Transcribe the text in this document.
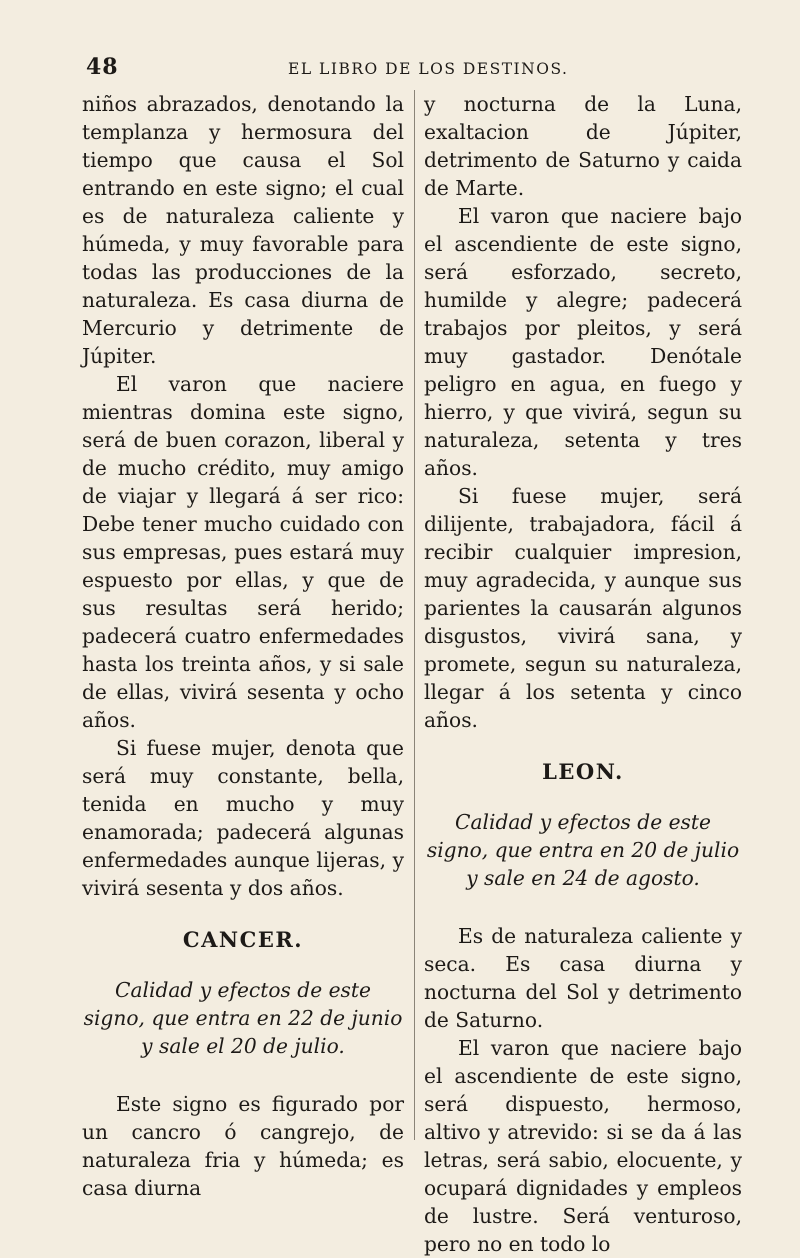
48	EL LIBRO DE LOS DESTINOS.

niños abrazados, denotando la templanza y hermosura del tiempo que causa el Sol entrando en este signo; el cual es de naturaleza caliente y húmeda, y muy favorable para todas las producciones de la naturaleza. Es casa diurna de Mercurio y detrimente de Júpiter.

El varon que naciere mientras domina este signo, será de buen corazon, liberal y de mucho crédito, muy amigo de viajar y llegará á ser rico: Debe tener mucho cuidado con sus empresas, pues estará muy espuesto por ellas, y que de sus resultas será herido; padecerá cuatro enfermedades hasta los treinta años, y si sale de ellas, vivirá sesenta y ocho años.

Si fuese mujer, denota que será muy constante, bella, tenida en mucho y muy enamorada; padecerá algunas enfermedades aunque lijeras, y vivirá sesenta y dos años.

CANCER.

Calidad y efectos de este signo, que entra en 22 de junio y sale el 20 de julio.

Este signo es figurado por un cancro ó cangrejo, de naturaleza fria y húmeda; es casa diurna

y nocturna de la Luna, exaltacion de Júpiter, detrimento de Saturno y caida de Marte.

El varon que naciere bajo el ascendiente de este signo, será esforzado, secreto, humilde y alegre; padecerá trabajos por pleitos, y será muy gastador. Denótale peligro en agua, en fuego y hierro, y que vivirá, segun su naturaleza, setenta y tres años.

Si fuese mujer, será dilijente, trabajadora, fácil á recibir cualquier impresion, muy agradecida, y aunque sus parientes la causarán algunos disgustos, vivirá sana, y promete, segun su naturaleza, llegar á los setenta y cinco años.

LEON.

Calidad y efectos de este signo, que entra en 20 de julio y sale en 24 de agosto.

Es de naturaleza caliente y seca. Es casa diurna y nocturna del Sol y detrimento de Saturno.

El varon que naciere bajo el ascendiente de este signo, será dispuesto, hermoso, altivo y atrevido: si se da á las letras, será sabio, elocuente, y ocupará dignidades y empleos de lustre. Será venturoso, pero no en todo lo
